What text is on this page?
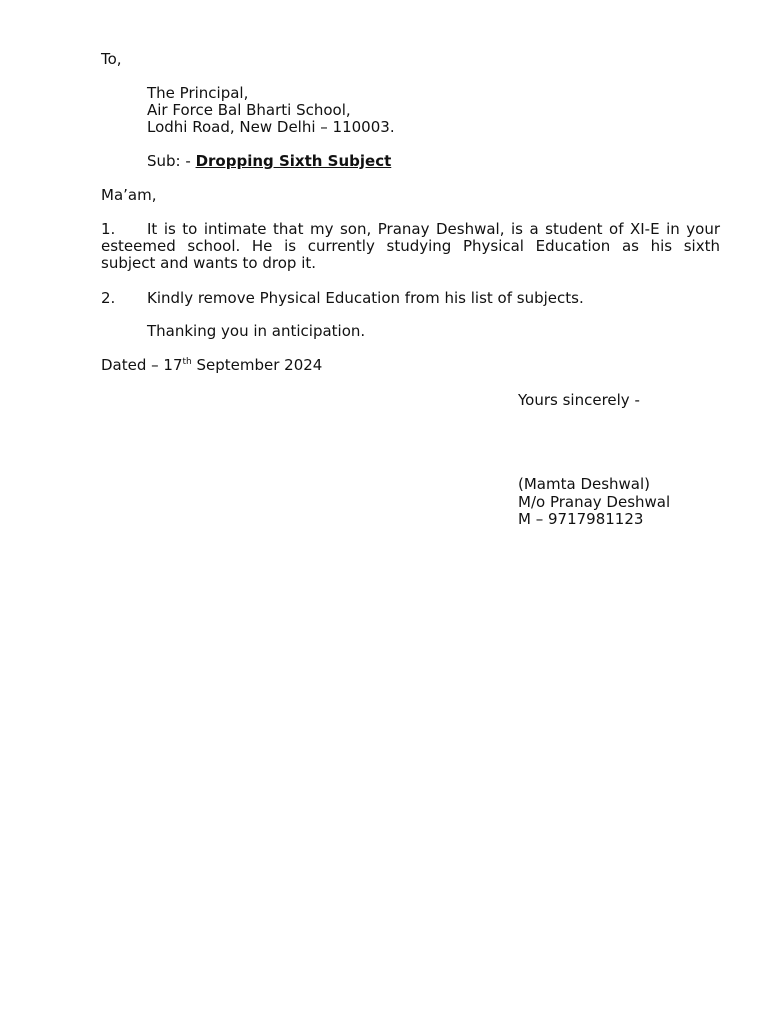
To,
The Principal,
Air Force Bal Bharti School,
Lodhi Road, New Delhi – 110003.
Sub: - Dropping Sixth Subject
Ma’am,
1.	It is to intimate that my son, Pranay Deshwal, is a student of XI-E in your
esteemed school. He is currently studying Physical Education as his sixth
subject and wants to drop it.
2. Kindly remove Physical Education from his list of subjects.
Thanking you in anticipation.
Dated – 17th September 2024
Yours sincerely -
(Mamta Deshwal)
M/o Pranay Deshwal
M – 9717981123
